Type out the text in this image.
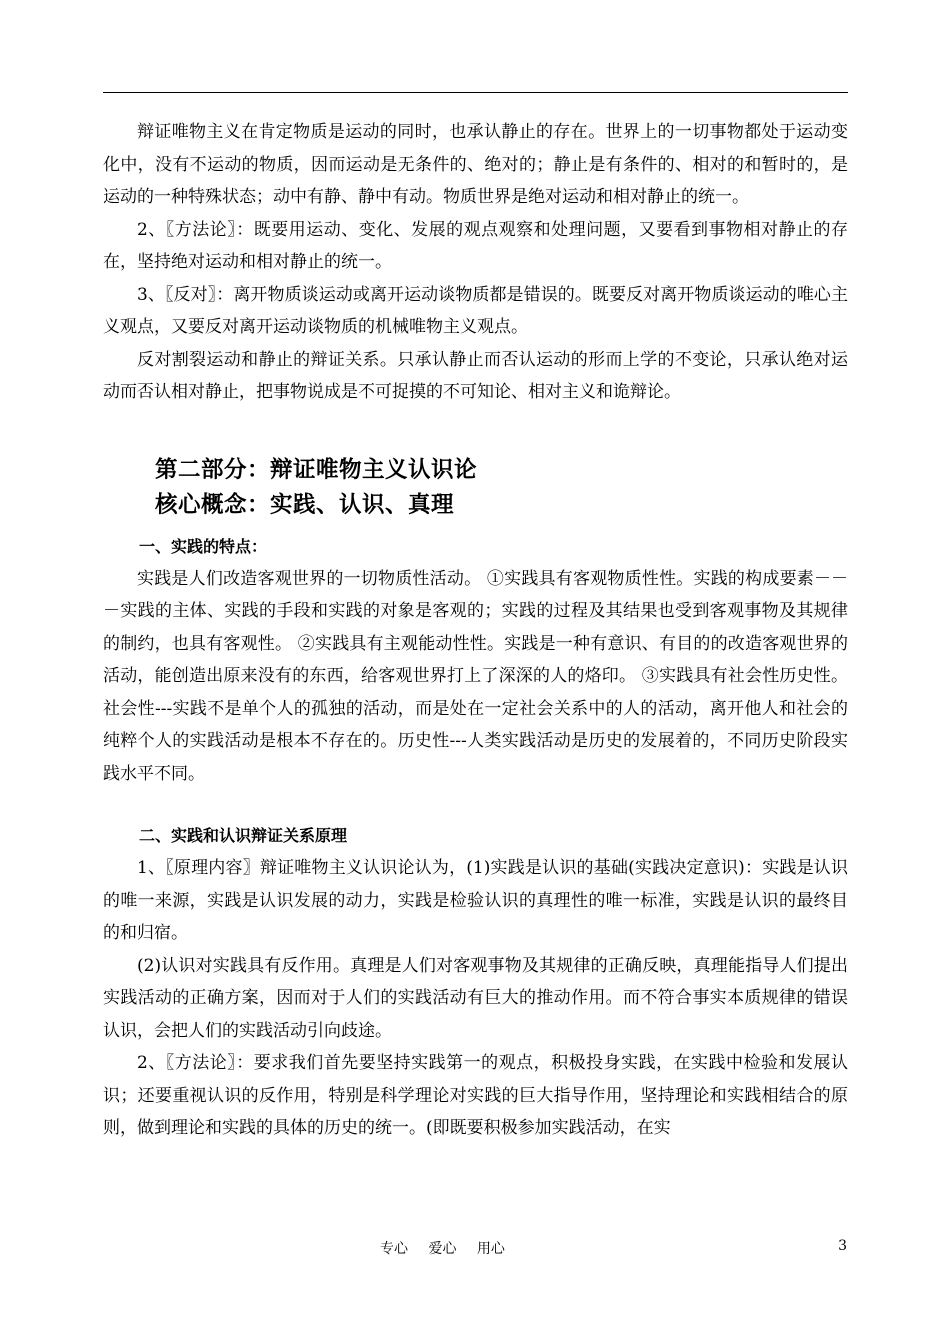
辩证唯物主义在肯定物质是运动的同时，也承认静止的存在。世界上的一切事物都处于运动变化中，没有不运动的物质，因而运动是无条件的、绝对的；静止是有条件的、相对的和暂时的，是运动的一种特殊状态；动中有静、静中有动。物质世界是绝对运动和相对静止的统一。

2、〖方法论〗：既要用运动、变化、发展的观点观察和处理问题，又要看到事物相对静止的存在，坚持绝对运动和相对静止的统一。

3、〖反对〗：离开物质谈运动或离开运动谈物质都是错误的。既要反对离开物质谈运动的唯心主义观点，又要反对离开运动谈物质的机械唯物主义观点。

反对割裂运动和静止的辩证关系。只承认静止而否认运动的形而上学的不变论，只承认绝对运动而否认相对静止，把事物说成是不可捉摸的不可知论、相对主义和诡辩论。

第二部分：辩证唯物主义认识论
核心概念：实践、认识、真理
一、实践的特点：

实践是人们改造客观世界的一切物质性活动。 ①实践具有客观物质性性。实践的构成要素－－－实践的主体、实践的手段和实践的对象是客观的；实践的过程及其结果也受到客观事物及其规律的制约，也具有客观性。 ②实践具有主观能动性性。实践是一种有意识、有目的的改造客观世界的活动，能创造出原来没有的东西，给客观世界打上了深深的人的烙印。 ③实践具有社会性历史性。社会性---实践不是单个人的孤独的活动，而是处在一定社会关系中的人的活动，离开他人和社会的纯粹个人的实践活动是根本不存在的。历史性---人类实践活动是历史的发展着的，不同历史阶段实践水平不同。

二、实践和认识辩证关系原理

1、〖原理内容〗辩证唯物主义认识论认为，(1)实践是认识的基础(实践决定意识)：实践是认识的唯一来源，实践是认识发展的动力，实践是检验认识的真理性的唯一标准，实践是认识的最终目的和归宿。

(2)认识对实践具有反作用。真理是人们对客观事物及其规律的正确反映，真理能指导人们提出实践活动的正确方案，因而对于人们的实践活动有巨大的推动作用。而不符合事实本质规律的错误认识，会把人们的实践活动引向歧途。

2、〖方法论〗：要求我们首先要坚持实践第一的观点，积极投身实践，在实践中检验和发展认识；还要重视认识的反作用，特别是科学理论对实践的巨大指导作用，坚持理论和实践相结合的原则，做到理论和实践的具体的历史的统一。(即既要积极参加实践活动，在实

专心 爱心 用心	3
